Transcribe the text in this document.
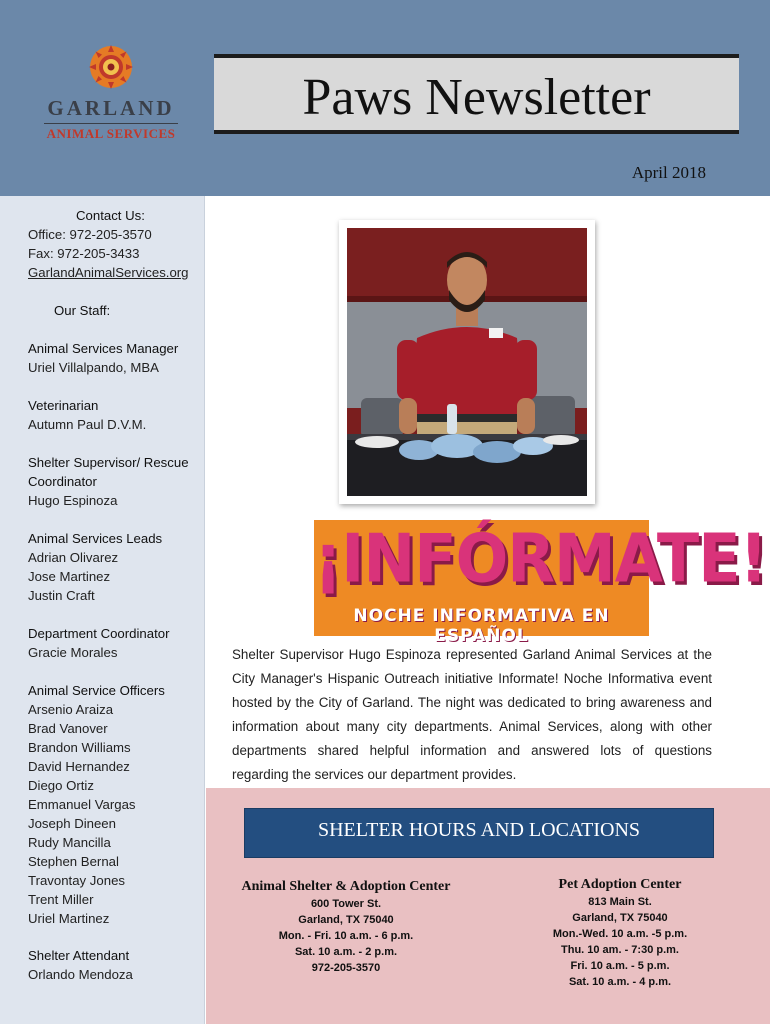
GARLAND
ANIMAL SERVICES
Paws Newsletter
April 2018
Contact Us:
Office: 972-205-3570
Fax: 972-205-3433
GarlandAnimalServices.org
Our Staff:
Animal Services Manager
Uriel Villalpando, MBA
Veterinarian
Autumn Paul D.V.M.
Shelter Supervisor/ Rescue
Coordinator
Hugo Espinoza
Animal Services Leads
Adrian Olivarez
Jose Martinez
Justin Craft
Department Coordinator
Gracie Morales
Animal Service Officers
Arsenio Araiza
Brad Vanover
Brandon Williams
David Hernandez
Diego Ortiz
Emmanuel Vargas
Joseph Dineen
Rudy Mancilla
Stephen Bernal
Travontay Jones
Trent Miller
Uriel Martinez
Shelter Attendant
Orlando Mendoza
¡INFÓRMATE!
NOCHE INFORMATIVA EN ESPAÑOL
Shelter Supervisor Hugo Espinoza represented Garland Animal Services at the City Manager's Hispanic Outreach initiative Informate! Noche Informativa event hosted by the City of Garland. The night was dedicated to bring awareness and information about many city departments. Animal Services, along with other departments shared helpful information and answered lots of questions regarding the services our department provides.
SHELTER HOURS AND LOCATIONS
Animal Shelter & Adoption Center
600 Tower St.
Garland, TX 75040
Mon. - Fri. 10 a.m. - 6 p.m.
Sat. 10 a.m. - 2 p.m.
972-205-3570
Pet Adoption Center
813 Main St.
Garland, TX 75040
Mon.-Wed. 10 a.m. -5 p.m.
Thu. 10 am. - 7:30 p.m.
Fri. 10 a.m. - 5 p.m.
Sat. 10 a.m. - 4 p.m.
